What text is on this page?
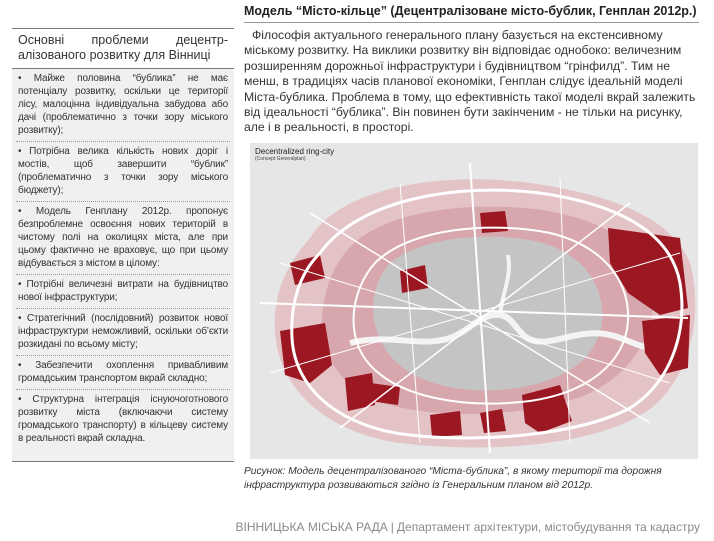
Основні проблеми децентр-алізованого розвитку для Вінниці
• Майже половина “бублика” не має потенціалу розвитку, оскільки це території лісу, малоцінна індивідуальна забудова або дачі (проблематично з точки зору міського розвитку);
• Потрібна велика кількість нових доріг і мостів, щоб завершити “бублик” (проблематично з точки зору міського бюджету);
• Модель Генплану 2012р. пропонує безпроблемне освоєння нових територій в чистому полі на околицях міста, але при цьому фактично не враховує, що при цьому відбувається з містом в цілому:
• Потрібні величезні витрати на будівництво нової інфраструктури;
• Стратегічний (послідовний) розвиток нової інфраструктури неможливий, оскільки об’єкти розкидані по всьому місту;
• Забезпечити охоплення привабливим громадським транспортом вкрай складно;
• Структурна інтеграція існуючоготнового розвитку міста (включаючи систему громадського транспорту) в кільцеву систему в реальності вкрай складна.
Модель “Місто-кільце” (Децентралізоване місто-бублик, Генплан 2012р.)

Філософія актуального генерального плану базується на екстенсивному міському розвитку. На виклики розвитку він відповідає однобоко: величезним розширенням дорожньої інфраструктури і будівництвом “грінфилд”. Тим не менш, в традиціях часів планової економіки, Генплан слідує ідеальній моделі Міста-бублика. Проблема в тому, що ефективність такої моделі вкрай залежить від ідеальності “бублика”. Він повинен бути закінченим - не тільки на рисунку, але і в реальності, в просторі.

Decentralized ring-city
(Concept Generalplan)

Рисунок: Модель децентралізованого “Міста-бублика”, в якому території та дорожня інфраструктура розвиваються згідно із Генеральним планом від 2012р.

ВІННИЦЬКА МІСЬКА РАДА | Департамент архітектури, містобудування та кадастру
